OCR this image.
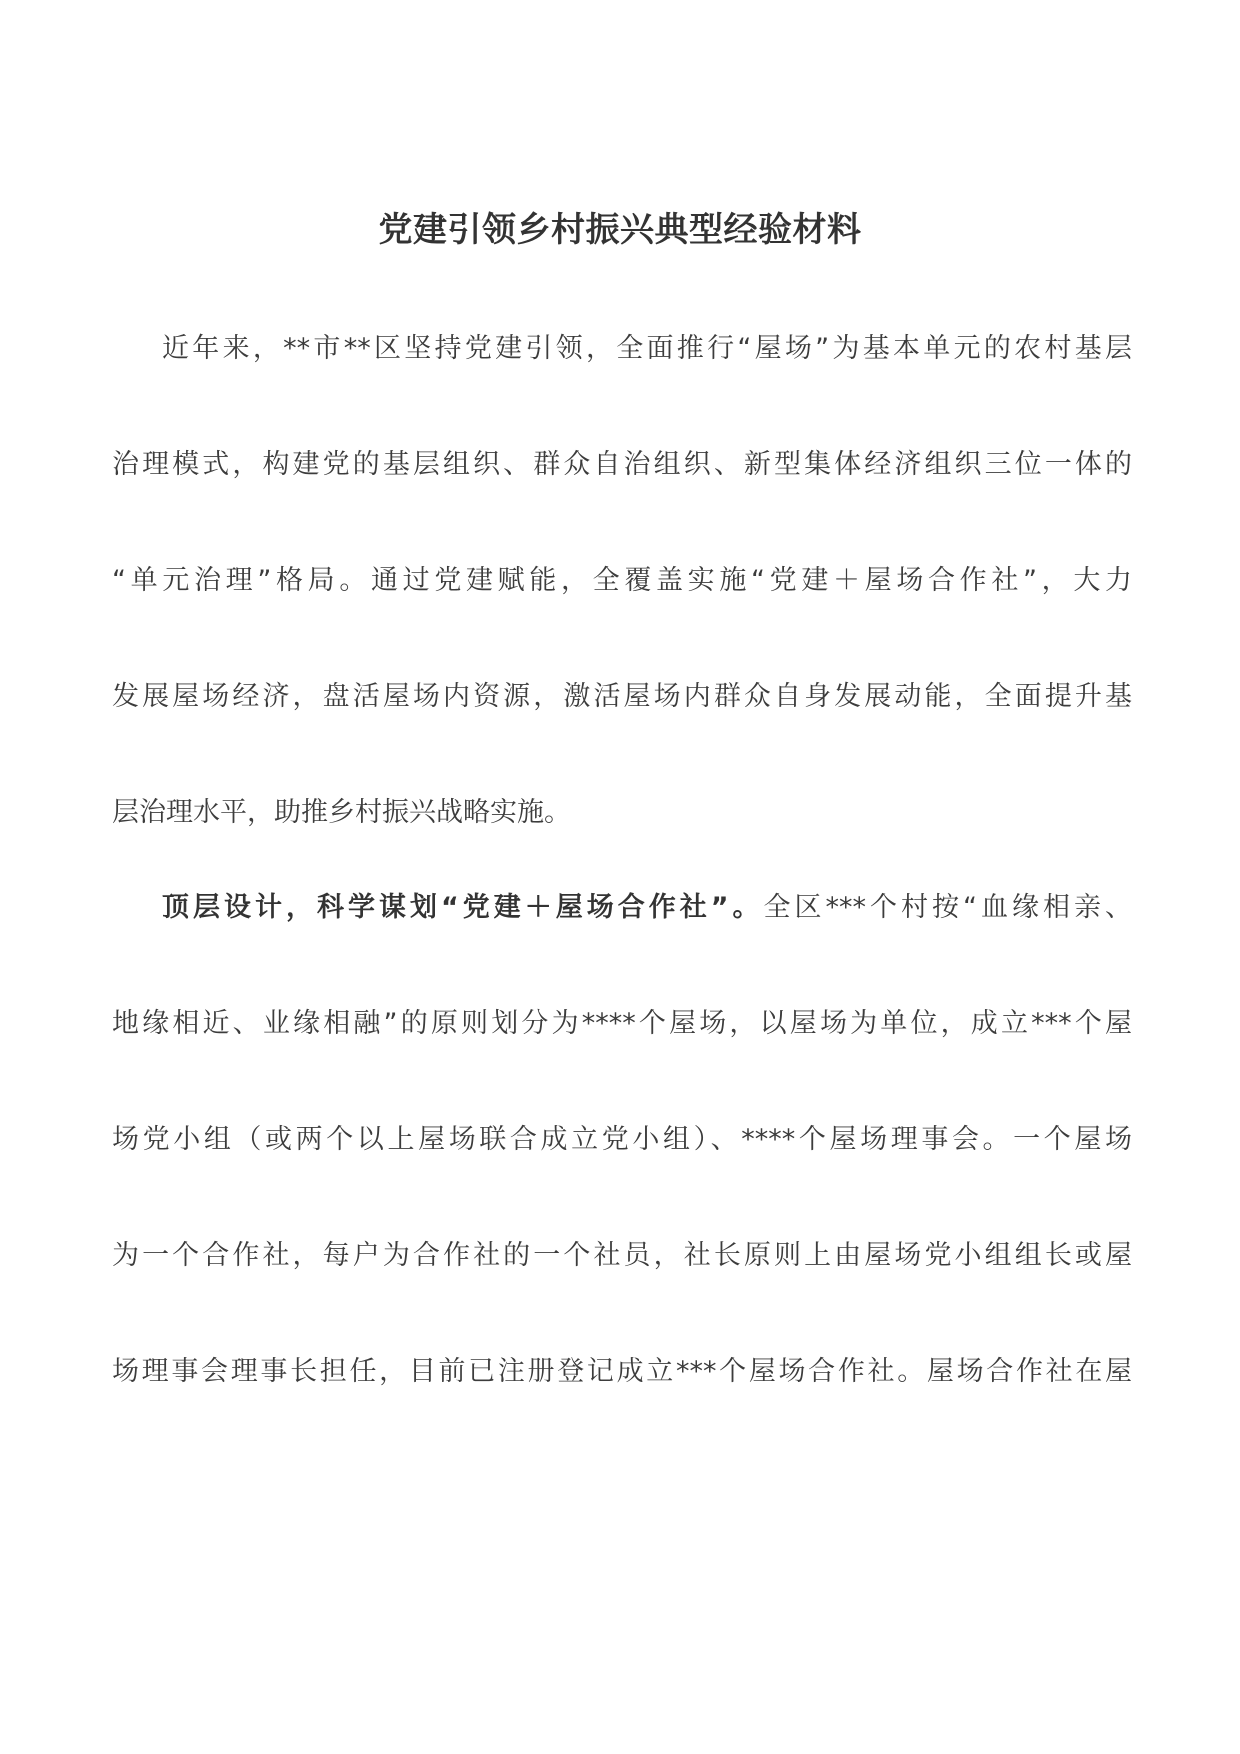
党建引领乡村振兴典型经验材料
近年来，**市**区坚持党建引领，全面推行“屋场”为基本单元的农村基层
治理模式，构建党的基层组织、群众自治组织、新型集体经济组织三位一体的
“单元治理”格局。通过党建赋能，全覆盖实施“党建＋屋场合作社”，大力
发展屋场经济，盘活屋场内资源，激活屋场内群众自身发展动能，全面提升基
层治理水平，助推乡村振兴战略实施。
顶层设计，科学谋划“党建＋屋场合作社”。全区***个村按“血缘相亲、
地缘相近、业缘相融”的原则划分为****个屋场，以屋场为单位，成立***个屋
场党小组（或两个以上屋场联合成立党小组）、****个屋场理事会。一个屋场
为一个合作社，每户为合作社的一个社员，社长原则上由屋场党小组组长或屋
场理事会理事长担任，目前已注册登记成立***个屋场合作社。屋场合作社在屋
